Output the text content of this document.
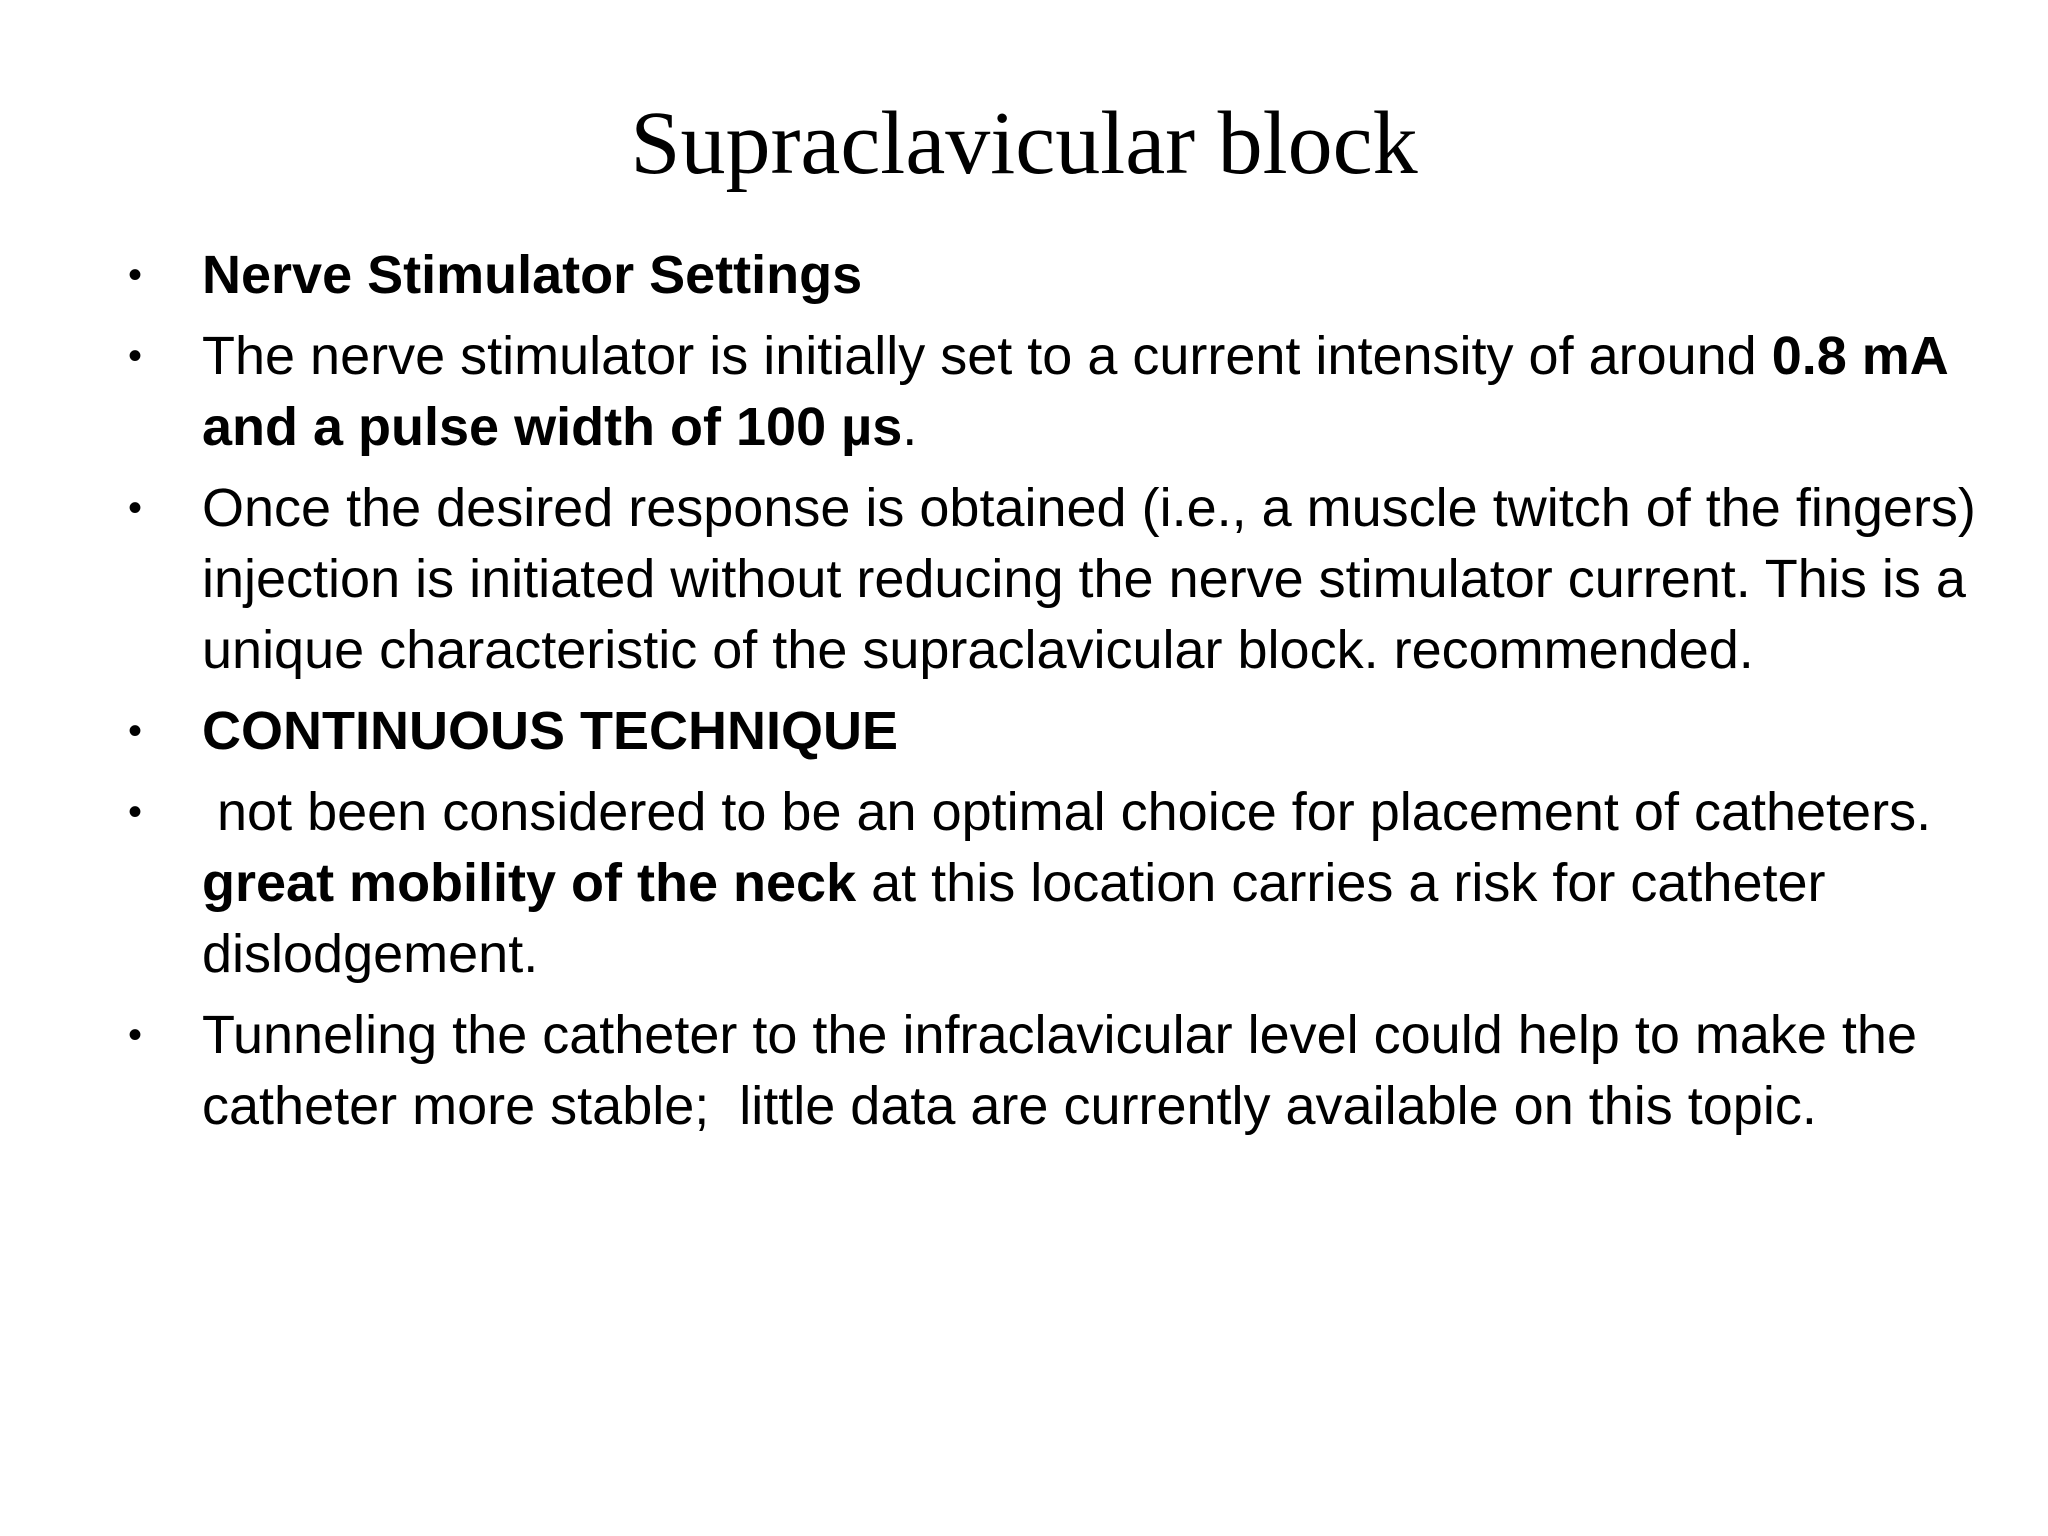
Supraclavicular block
• Nerve Stimulator Settings
• The nerve stimulator is initially set to a current intensity of around 0.8 mA and a pulse width of 100 µs.
• Once the desired response is obtained (i.e., a muscle twitch of the fingers) injection is initiated without reducing the nerve stimulator current. This is a unique characteristic of the supraclavicular block. recommended.
• CONTINUOUS TECHNIQUE
• not been considered to be an optimal choice for placement of catheters. great mobility of the neck at this location carries a risk for catheter dislodgement.
• Tunneling the catheter to the infraclavicular level could help to make the catheter more stable;  little data are currently available on this topic.
